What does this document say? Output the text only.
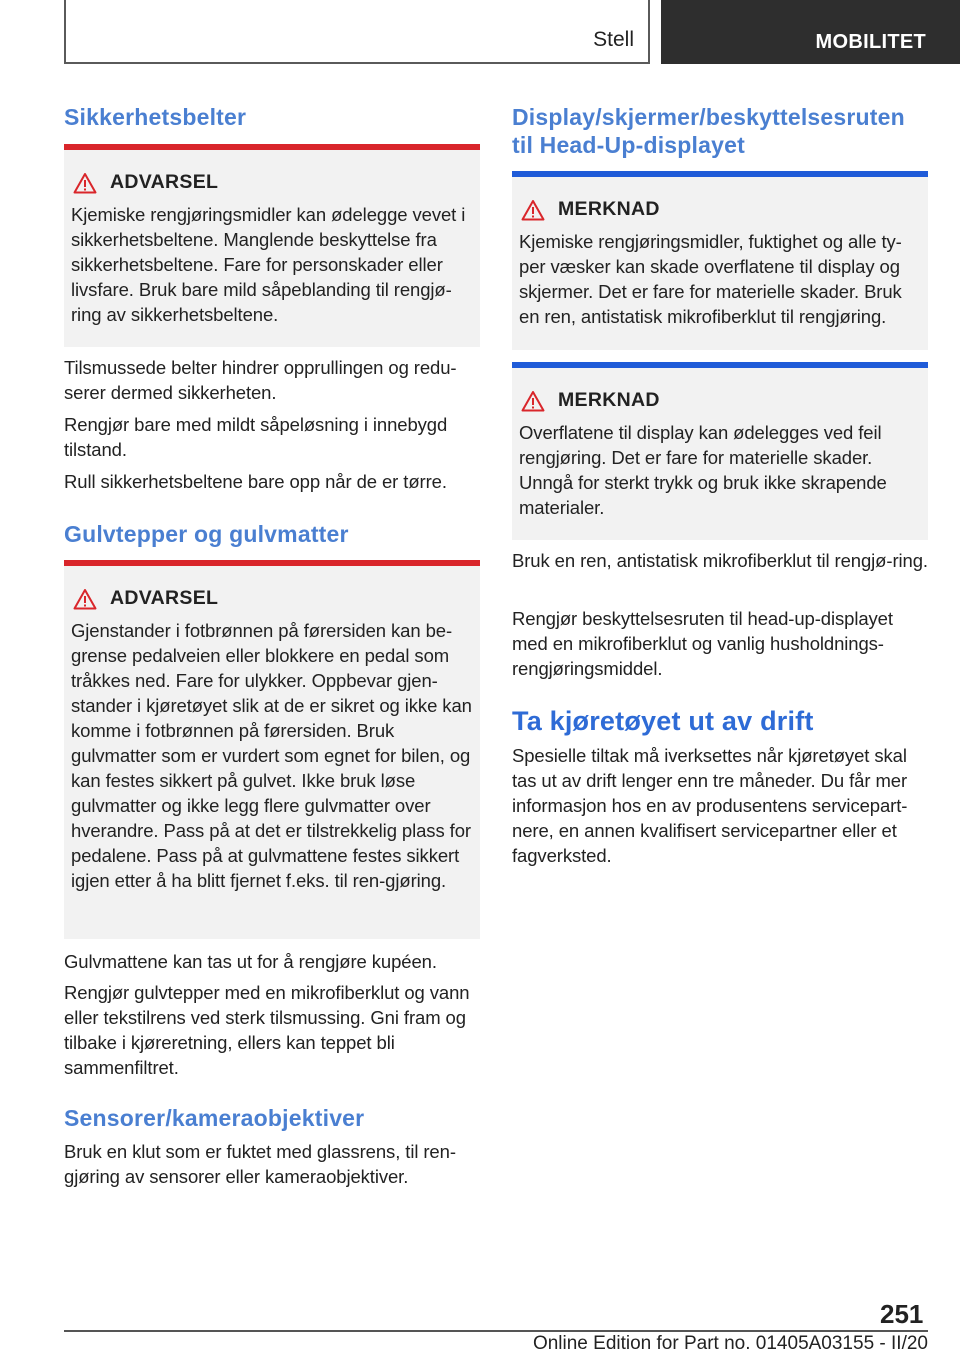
Stell	MOBILITET
Sikkerhetsbelter
ADVARSEL
Kjemiske rengjøringsmidler kan ødelegge vevet i sikkerhetsbeltene. Manglende beskyttelse fra sikkerhetsbeltene. Fare for personskader eller livsfare. Bruk bare mild såpeblanding til rengjø-ring av sikkerhetsbeltene.

Tilsmussede belter hindrer opprullingen og redu-serer dermed sikkerheten.

Rengjør bare med mildt såpeløsning i innebygd tilstand.

Rull sikkerhetsbeltene bare opp når de er tørre.

Gulvtepper og gulvmatter
ADVARSEL
Gjenstander i fotbrønnen på førersiden kan be-grense pedalveien eller blokkere en pedal som tråkkes ned. Fare for ulykker. Oppbevar gjen-stander i kjøretøyet slik at de er sikret og ikke kan komme i fotbrønnen på førersiden. Bruk gulvmatter som er vurdert som egnet for bilen, og kan festes sikkert på gulvet. Ikke bruk løse gulvmatter og ikke legg flere gulvmatter over hverandre. Pass på at det er tilstrekkelig plass for pedalene. Pass på at gulvmattene festes sikkert igjen etter å ha blitt fjernet f.eks. til ren-gjøring.

Gulvmattene kan tas ut for å rengjøre kupéen.

Rengjør gulvtepper med en mikrofiberklut og vann eller tekstilrens ved sterk tilsmussing. Gni fram og tilbake i kjøreretning, ellers kan teppet bli sammenfiltret.

Sensorer/kameraobjektiver

Bruk en klut som er fuktet med glassrens, til ren-gjøring av sensorer eller kameraobjektiver.

Display/skjermer/beskyttelsesruten til Head-Up-displayet
MERKNAD
Kjemiske rengjøringsmidler, fuktighet og alle ty-per væsker kan skade overflatene til display og skjermer. Det er fare for materielle skader. Bruk en ren, antistatisk mikrofiberklut til rengjøring.
MERKNAD
Overflatene til display kan ødelegges ved feil rengjøring. Det er fare for materielle skader. Unngå for sterkt trykk og bruk ikke skrapende materialer.

Bruk en ren, antistatisk mikrofiberklut til rengjø-ring.

Rengjør beskyttelsesruten til head-up-displayet med en mikrofiberklut og vanlig husholdnings-rengjøringsmiddel.

Ta kjøretøyet ut av drift

Spesielle tiltak må iverksettes når kjøretøyet skal tas ut av drift lenger enn tre måneder. Du får mer informasjon hos en av produsentens servicepart-nere, en annen kvalifisert servicepartner eller et fagverksted.

251
Online Edition for Part no. 01405A03155 - II/20
